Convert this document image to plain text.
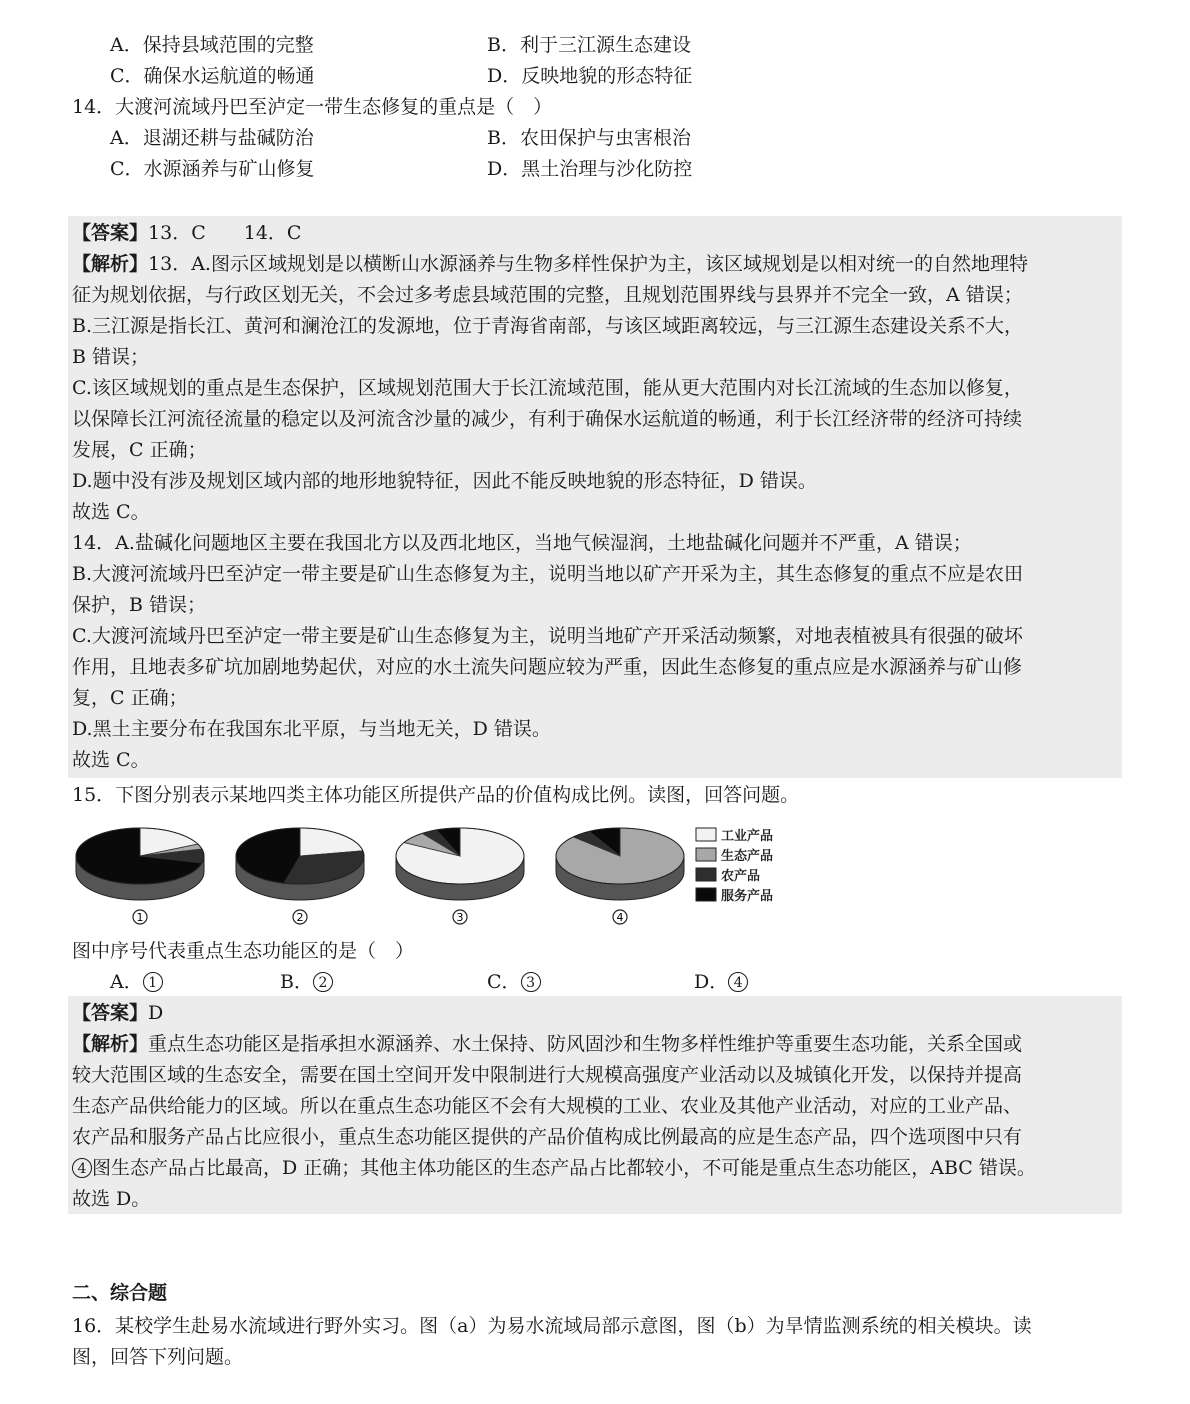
A．保持县域范围的完整	B．利于三江源生态建设
C．确保水运航道的畅通	D．反映地貌的形态特征
14．大渡河流域丹巴至泸定一带生态修复的重点是（　）
A．退湖还耕与盐碱防治	B．农田保护与虫害根治
C．水源涵养与矿山修复	D．黑土治理与沙化防控
【答案】13．C　　14．C
【解析】13．A.图示区域规划是以横断山水源涵养与生物多样性保护为主，该区域规划是以相对统一的自然地理特
征为规划依据，与行政区划无关，不会过多考虑县域范围的完整，且规划范围界线与县界并不完全一致，A 错误；
B.三江源是指长江、黄河和澜沧江的发源地，位于青海省南部，与该区域距离较远，与三江源生态建设关系不大，
B 错误；
C.该区域规划的重点是生态保护，区域规划范围大于长江流域范围，能从更大范围内对长江流域的生态加以修复，
以保障长江河流径流量的稳定以及河流含沙量的减少，有利于确保水运航道的畅通，利于长江经济带的经济可持续
发展，C 正确；
D.题中没有涉及规划区域内部的地形地貌特征，因此不能反映地貌的形态特征，D 错误。
故选 C。
14．A.盐碱化问题地区主要在我国北方以及西北地区，当地气候湿润，土地盐碱化问题并不严重，A 错误；
B.大渡河流域丹巴至泸定一带主要是矿山生态修复为主，说明当地以矿产开采为主，其生态修复的重点不应是农田
保护，B 错误；
C.大渡河流域丹巴至泸定一带主要是矿山生态修复为主，说明当地矿产开采活动频繁，对地表植被具有很强的破坏
作用，且地表多矿坑加剧地势起伏，对应的水土流失问题应较为严重，因此生态修复的重点应是水源涵养与矿山修
复，C 正确；
D.黑土主要分布在我国东北平原，与当地无关，D 错误。
故选 C。
15．下图分别表示某地四类主体功能区所提供产品的价值构成比例。读图，回答问题。
1	2	3	4
工业产品
生态产品
农产品
服务产品
图中序号代表重点生态功能区的是（　）
A． 1	B． 2	C． 3	D． 4
【答案】D
【解析】重点生态功能区是指承担水源涵养、水土保持、防风固沙和生物多样性维护等重要生态功能，关系全国或
较大范围区域的生态安全，需要在国土空间开发中限制进行大规模高强度产业活动以及城镇化开发，以保持并提高
生态产品供给能力的区域。所以在重点生态功能区不会有大规模的工业、农业及其他产业活动，对应的工业产品、
农产品和服务产品占比应很小，重点生态功能区提供的产品价值构成比例最高的应是生态产品，四个选项图中只有
4 图生态产品占比最高，D 正确；其他主体功能区的生态产品占比都较小，不可能是重点生态功能区，ABC 错误。
故选 D。
二、综合题
16．某校学生赴易水流域进行野外实习。图（a）为易水流域局部示意图，图（b）为旱情监测系统的相关模块。读
图，回答下列问题。
